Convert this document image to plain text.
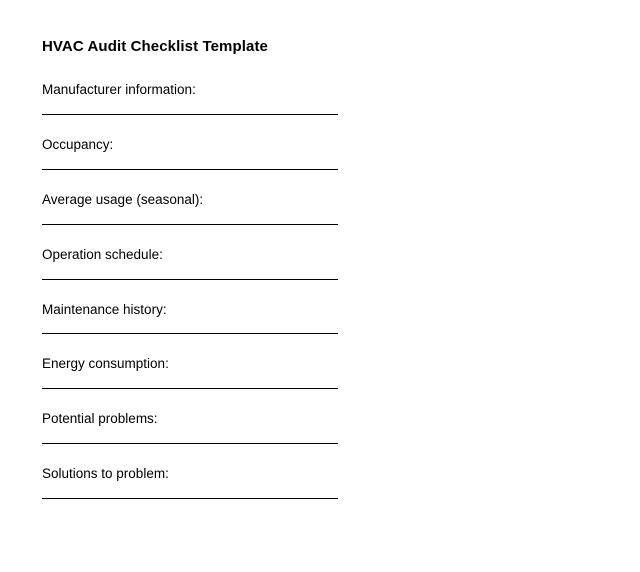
HVAC Audit Checklist Template
Manufacturer information:
Occupancy:
Average usage (seasonal):
Operation schedule:
Maintenance history:
Energy consumption:
Potential problems:
Solutions to problem:
